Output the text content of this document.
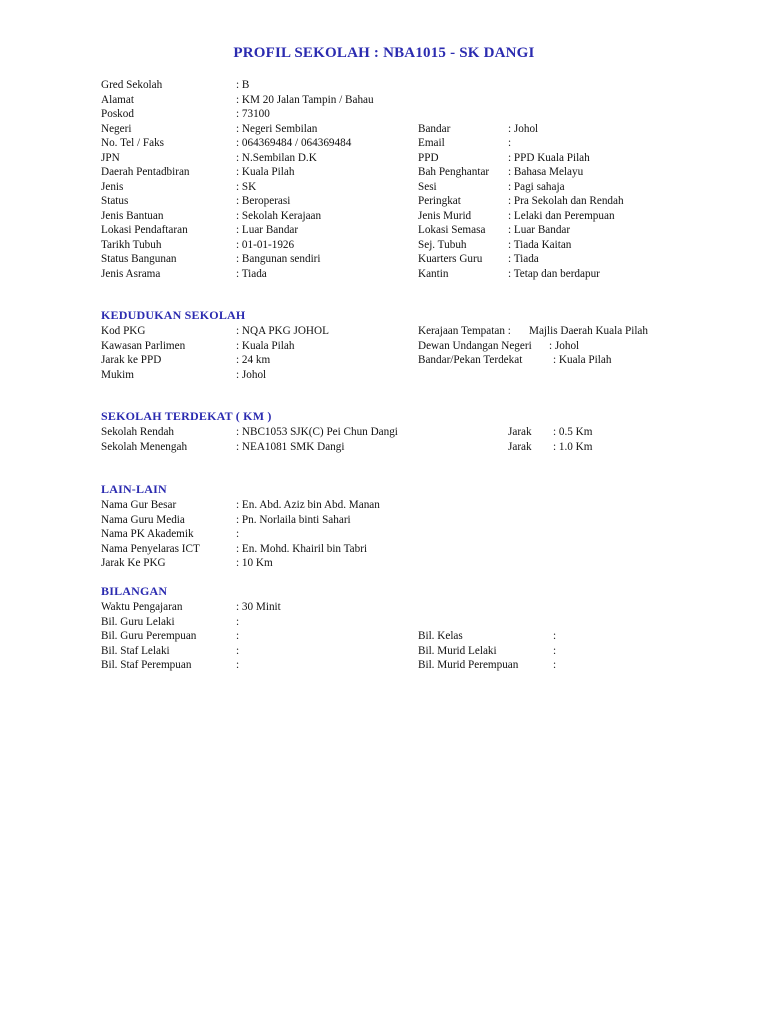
PROFIL SEKOLAH : NBA1015 - SK DANGI
Gred Sekolah	: B
Alamat	: KM 20 Jalan Tampin / Bahau
Poskod	: 73100
Negeri	: Negeri Sembilan	Bandar	: Johol
No. Tel / Faks	: 064369484 / 064369484	Email	:
JPN	: N.Sembilan D.K	PPD	: PPD Kuala Pilah
Daerah Pentadbiran	: Kuala Pilah	Bah Penghantar : Bahasa Melayu
Jenis	: SK	Sesi	: Pagi sahaja
Status	: Beroperasi	Peringkat	: Pra Sekolah dan Rendah
Jenis Bantuan	: Sekolah Kerajaan	Jenis Murid	: Lelaki dan Perempuan
Lokasi Pendaftaran	: Luar Bandar	Lokasi Semasa : Luar Bandar
Tarikh Tubuh	: 01-01-1926	Sej. Tubuh	: Tiada Kaitan
Status Bangunan	: Bangunan sendiri	Kuarters Guru : Tiada
Jenis Asrama	: Tiada	Kantin	: Tetap dan berdapur
KEDUDUKAN SEKOLAH
Kod PKG	: NQA PKG JOHOL	Kerajaan Tempatan : Majlis Daerah Kuala Pilah
Kawasan Parlimen	: Kuala Pilah	Dewan Undangan Negeri : Johol
Jarak ke PPD	: 24 km	Bandar/Pekan Terdekat	: Kuala Pilah
Mukim	: Johol
SEKOLAH TERDEKAT ( KM )
Sekolah Rendah	: NBC1053 SJK(C) Pei Chun Dangi	Jarak : 0.5 Km
Sekolah Menengah	: NEA1081 SMK Dangi	Jarak : 1.0 Km
LAIN-LAIN
Nama Gur Besar	: En. Abd. Aziz bin Abd. Manan
Nama Guru Media	: Pn. Norlaila binti Sahari
Nama PK Akademik	:
Nama Penyelaras ICT	: En. Mohd. Khairil bin Tabri
Jarak Ke PKG	: 10 Km
BILANGAN
Waktu Pengajaran	: 30 Minit
Bil. Guru Lelaki	:
Bil. Guru Perempuan	:	Bil. Kelas	:
Bil. Staf Lelaki	:	Bil. Murid Lelaki	:
Bil. Staf Perempuan	:	Bil. Murid Perempuan	:
